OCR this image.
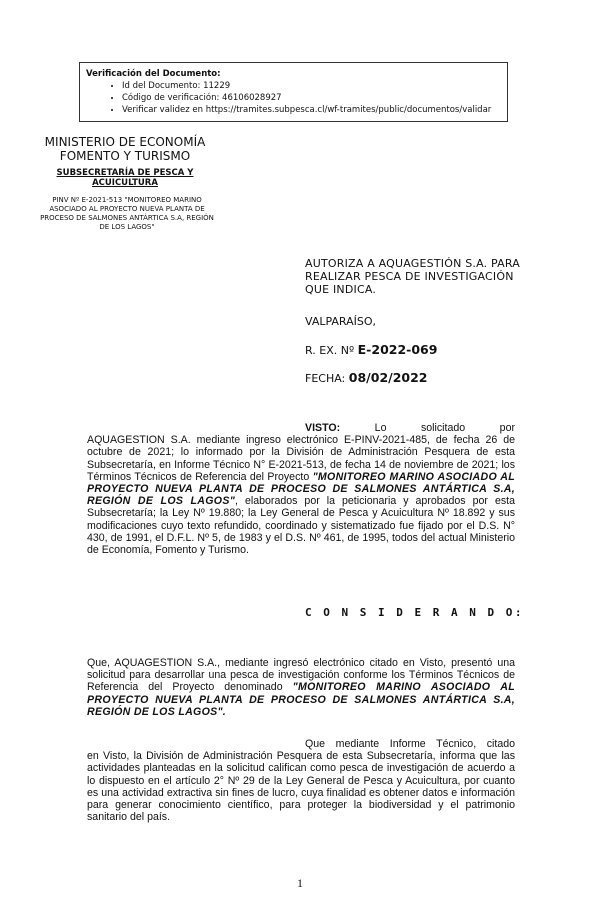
Verificación del Documento:
• Id del Documento: 11229
• Código de verificación: 46106028927
• Verificar validez en https://tramites.subpesca.cl/wf-tramites/public/documentos/validar
MINISTERIO DE ECONOMÍA
FOMENTO Y TURISMO
SUBSECRETARÍA DE PESCA Y ACUICULTURA
PINV Nº E-2021-513 "MONITOREO MARINO ASOCIADO AL PROYECTO NUEVA PLANTA DE PROCESO DE SALMONES ANTÁRTICA S.A, REGIÓN DE LOS LAGOS"
AUTORIZA A AQUAGESTIÓN S.A. PARA REALIZAR PESCA DE INVESTIGACIÓN QUE INDICA.
VALPARAÍSO,
R. EX. Nº E-2022-069
FECHA: 08/02/2022
VISTO:	Lo solicitado por
AQUAGESTION S.A. mediante ingreso electrónico E-PINV-2021-485, de fecha 26 de octubre de 2021; lo informado por la División de Administración Pesquera de esta Subsecretaría, en Informe Técnico N° E-2021-513, de fecha 14 de noviembre de 2021; los Términos Técnicos de Referencia del Proyecto "MONITOREO MARINO ASOCIADO AL PROYECTO NUEVA PLANTA DE PROCESO DE SALMONES ANTÁRTICA S.A, REGIÓN DE LOS LAGOS", elaborados por la peticionaria y aprobados por esta Subsecretaría; la Ley Nº 19.880; la Ley General de Pesca y Acuicultura Nº 18.892 y sus modificaciones cuyo texto refundido, coordinado y sistematizado fue fijado por el D.S. N° 430, de 1991, el D.F.L. Nº 5, de 1983 y el D.S. Nº 461, de 1995, todos del actual Ministerio de Economía, Fomento y Turismo.
C O N S I D E R A N D O:
Que, AQUAGESTION S.A., mediante ingresó electrónico citado en Visto, presentó una solicitud para desarrollar una pesca de investigación conforme los Términos Técnicos de Referencia del Proyecto denominado "MONITOREO MARINO ASOCIADO AL PROYECTO NUEVA PLANTA DE PROCESO DE SALMONES ANTÁRTICA S.A, REGIÓN DE LOS LAGOS".
Que mediante Informe Técnico, citado
en Visto, la División de Administración Pesquera de esta Subsecretaría, informa que las actividades planteadas en la solicitud califican como pesca de investigación de acuerdo a lo dispuesto en el artículo 2° Nº 29 de la Ley General de Pesca y Acuicultura, por cuanto es una actividad extractiva sin fines de lucro, cuya finalidad es obtener datos e información para generar conocimiento científico, para proteger la biodiversidad y el patrimonio sanitario del país.
1
